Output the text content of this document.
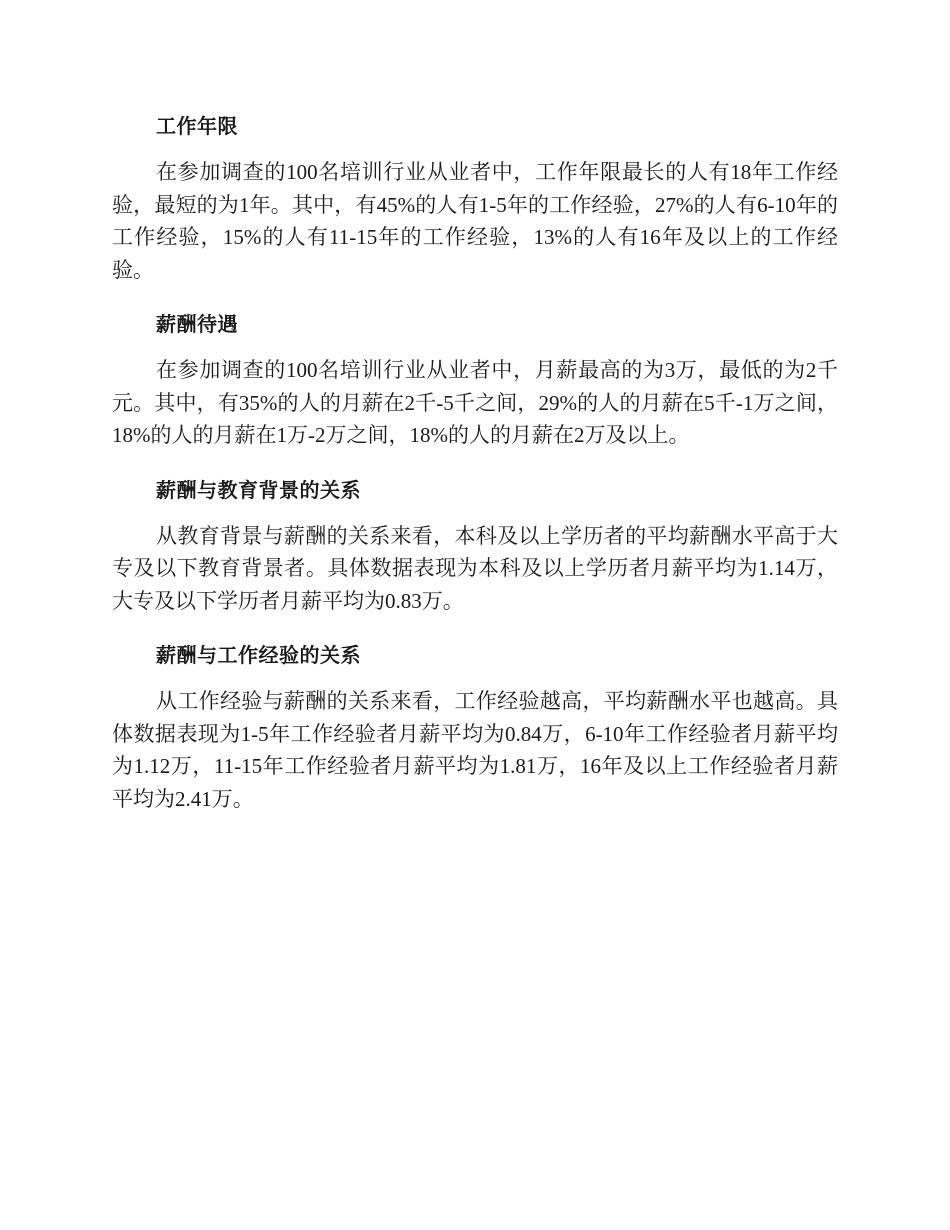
工作年限

在参加调查的100名培训行业从业者中，工作年限最长的人有18年工作经验，最短的为1年。其中，有45%的人有1-5年的工作经验，27%的人有6-10年的工作经验，15%的人有11-15年的工作经验，13%的人有16年及以上的工作经验。

薪酬待遇

在参加调查的100名培训行业从业者中，月薪最高的为3万，最低的为2千元。其中，有35%的人的月薪在2千-5千之间，29%的人的月薪在5千-1万之间，18%的人的月薪在1万-2万之间，18%的人的月薪在2万及以上。

薪酬与教育背景的关系

从教育背景与薪酬的关系来看，本科及以上学历者的平均薪酬水平高于大专及以下教育背景者。具体数据表现为本科及以上学历者月薪平均为1.14万，大专及以下学历者月薪平均为0.83万。

薪酬与工作经验的关系

从工作经验与薪酬的关系来看，工作经验越高，平均薪酬水平也越高。具体数据表现为1-5年工作经验者月薪平均为0.84万，6-10年工作经验者月薪平均为1.12万，11-15年工作经验者月薪平均为1.81万，16年及以上工作经验者月薪平均为2.41万。
